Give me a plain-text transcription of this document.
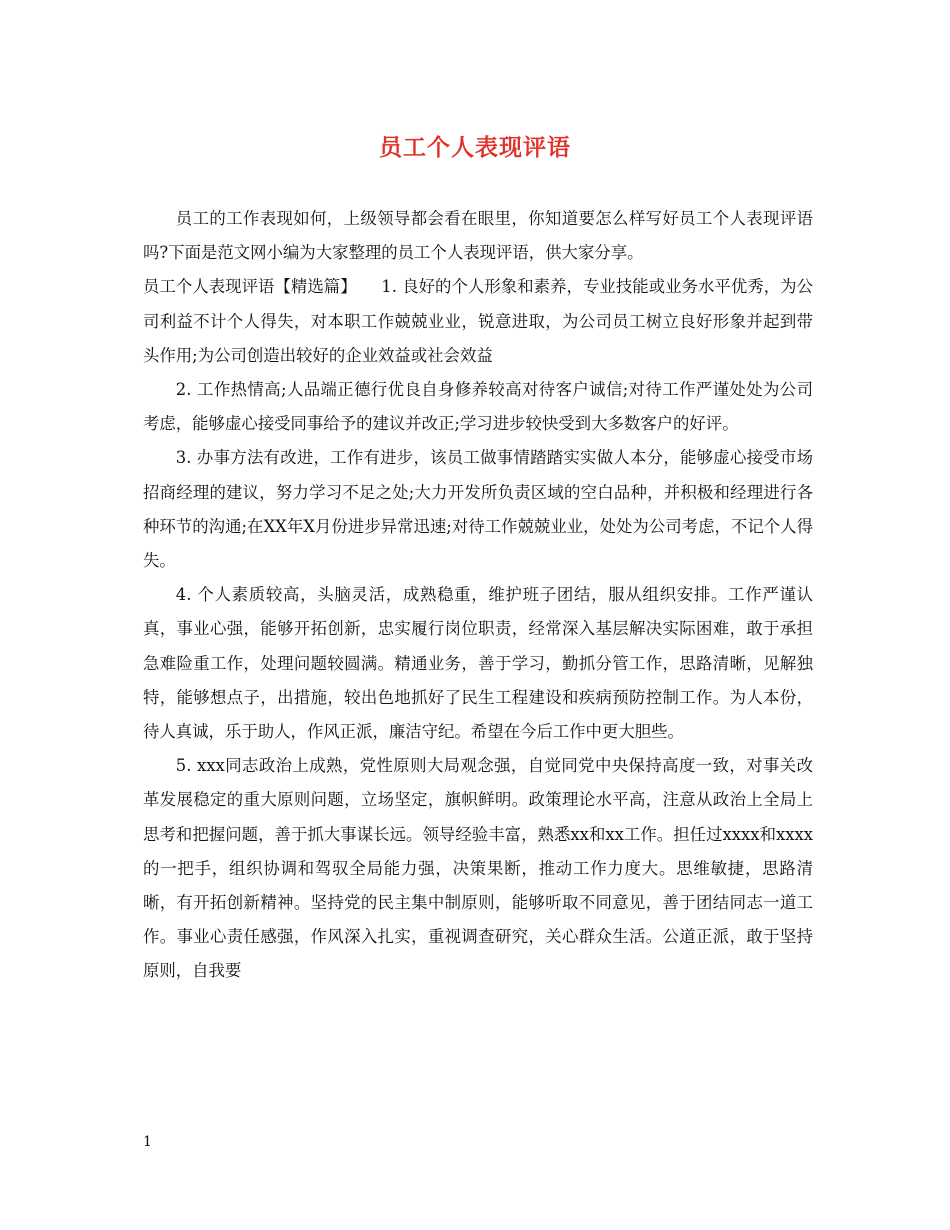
员工个人表现评语

员工的工作表现如何，上级领导都会看在眼里，你知道要怎么样写好员工个人表现评语吗?下面是范文网小编为大家整理的员工个人表现评语，供大家分享。

员工个人表现评语【精选篇】　　1. 良好的个人形象和素养，专业技能或业务水平优秀，为公司利益不计个人得失，对本职工作兢兢业业，锐意进取，为公司员工树立良好形象并起到带头作用;为公司创造出较好的企业效益或社会效益

2. 工作热情高;人品端正德行优良自身修养较高对待客户诚信;对待工作严谨处处为公司考虑，能够虚心接受同事给予的建议并改正;学习进步较快受到大多数客户的好评。

3. 办事方法有改进，工作有进步，该员工做事情踏踏实实做人本分，能够虚心接受市场招商经理的建议，努力学习不足之处;大力开发所负责区域的空白品种，并积极和经理进行各种环节的沟通;在XX年X月份进步异常迅速;对待工作兢兢业业，处处为公司考虑，不记个人得失。

4. 个人素质较高，头脑灵活，成熟稳重，维护班子团结，服从组织安排。工作严谨认真，事业心强，能够开拓创新，忠实履行岗位职责，经常深入基层解决实际困难，敢于承担急难险重工作，处理问题较圆满。精通业务，善于学习，勤抓分管工作，思路清晰，见解独特，能够想点子，出措施，较出色地抓好了民生工程建设和疾病预防控制工作。为人本份，待人真诚，乐于助人，作风正派，廉洁守纪。希望在今后工作中更大胆些。

5. xxx同志政治上成熟，党性原则大局观念强，自觉同党中央保持高度一致，对事关改革发展稳定的重大原则问题，立场坚定，旗帜鲜明。政策理论水平高，注意从政治上全局上思考和把握问题，善于抓大事谋长远。领导经验丰富，熟悉xx和xx工作。担任过xxxx和xxxx的一把手，组织协调和驾驭全局能力强，决策果断，推动工作力度大。思维敏捷，思路清晰，有开拓创新精神。坚持党的民主集中制原则，能够听取不同意见，善于团结同志一道工作。事业心责任感强，作风深入扎实，重视调查研究，关心群众生活。公道正派，敢于坚持原则，自我要

1
